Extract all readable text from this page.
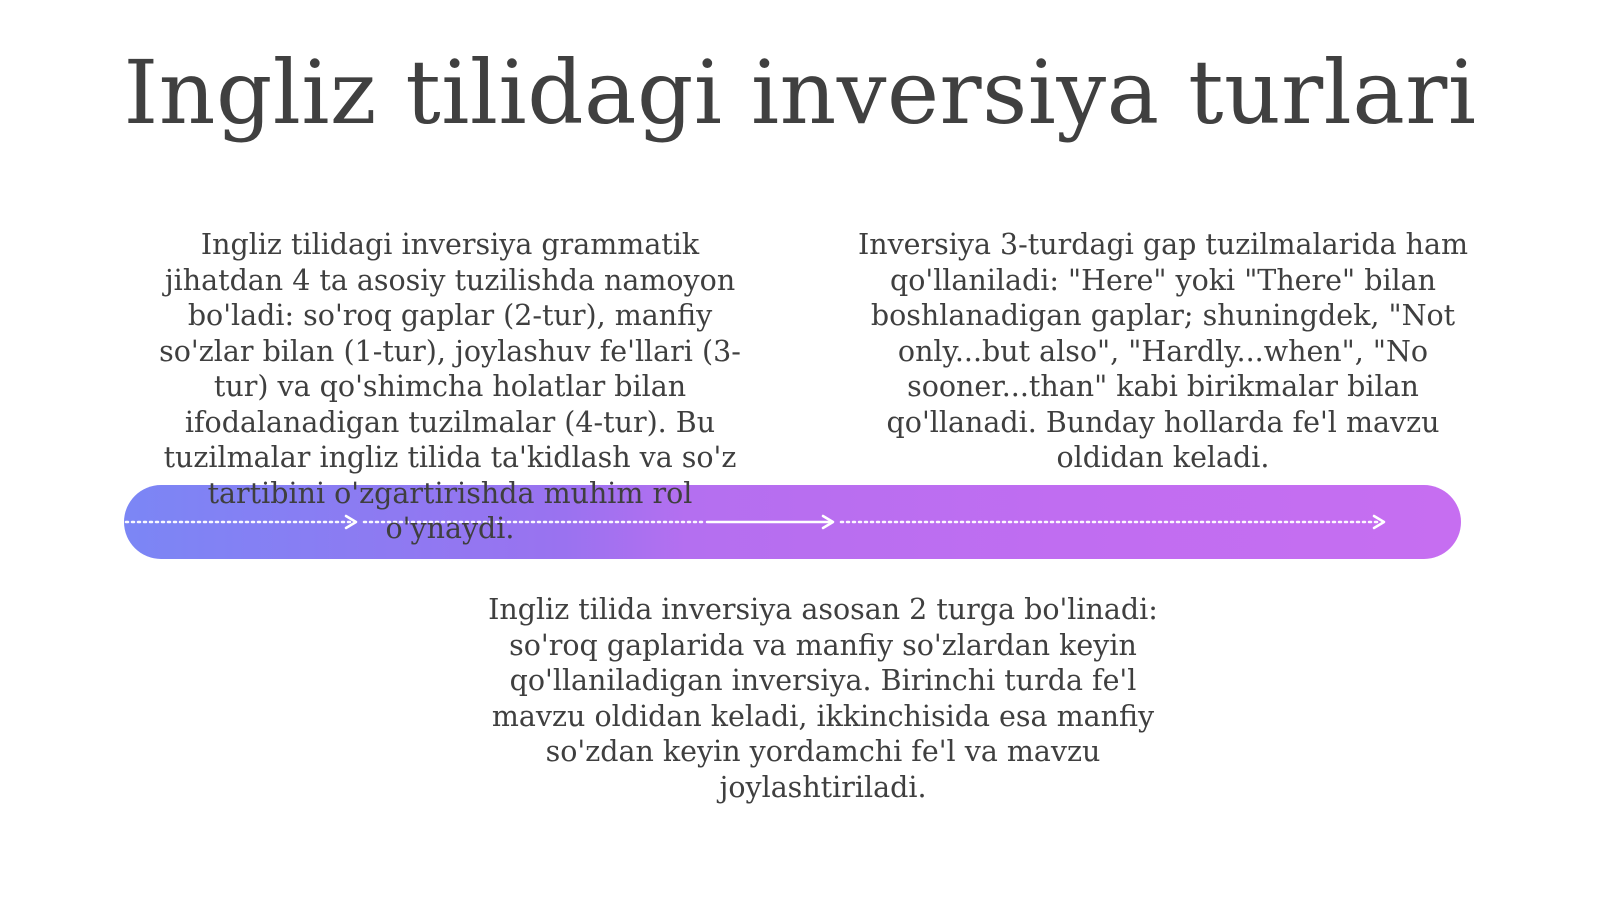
Ingliz tilidagi inversiya turlari
Inversiya 3-turdagi gap tuzilmalarida ham qo'llaniladi: "Here" yoki "There" bilan boshlanadigan gaplar; shuningdek, "Not only...but also", "Hardly...when", "No sooner...than" kabi birikmalar bilan qo'llanadi. Bunday hollarda fe'l mavzu oldidan keladi.
Ingliz tilidagi inversiya grammatik jihatdan 4 ta asosiy tuzilishda namoyon bo'ladi: so'roq gaplar (2-tur), manfiy so'zlar bilan (1-tur), joylashuv fe'llari (3-tur) va qo'shimcha holatlar bilan ifodalanadigan tuzilmalar (4-tur). Bu tuzilmalar ingliz tilida ta'kidlash va so'z tartibini o'zgartirishda muhim rol o'ynaydi.
Ingliz tilida inversiya asosan 2 turga bo'linadi: so'roq gaplarida va manfiy so'zlardan keyin qo'llaniladigan inversiya. Birinchi turda fe'l mavzu oldidan keladi, ikkinchisida esa manfiy so'zdan keyin yordamchi fe'l va mavzu joylashtiriladi.
